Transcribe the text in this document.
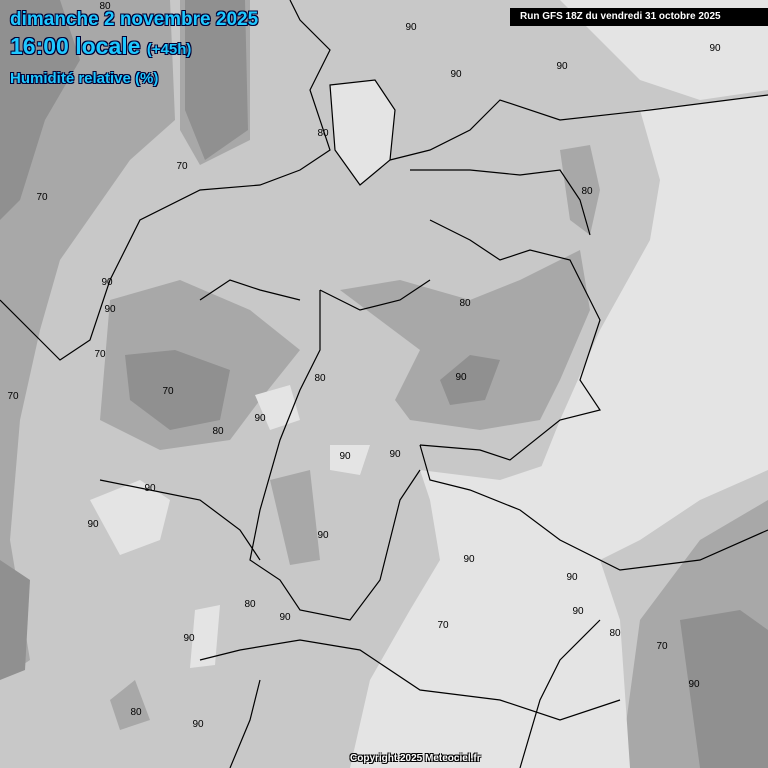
80
90
90
90
70
70
80
80
90
90
90
70
80
70	70
90
80
90	90
90
90
90
80
90
90
90
90
70
80
90
90
80
80
70
90
90
dimanche 2 novembre 2025
16:00 locale (+45h)
Humidité relative (%)
Run GFS 18Z du vendredi 31 octobre 2025
Copyright 2025 Meteociel.fr
